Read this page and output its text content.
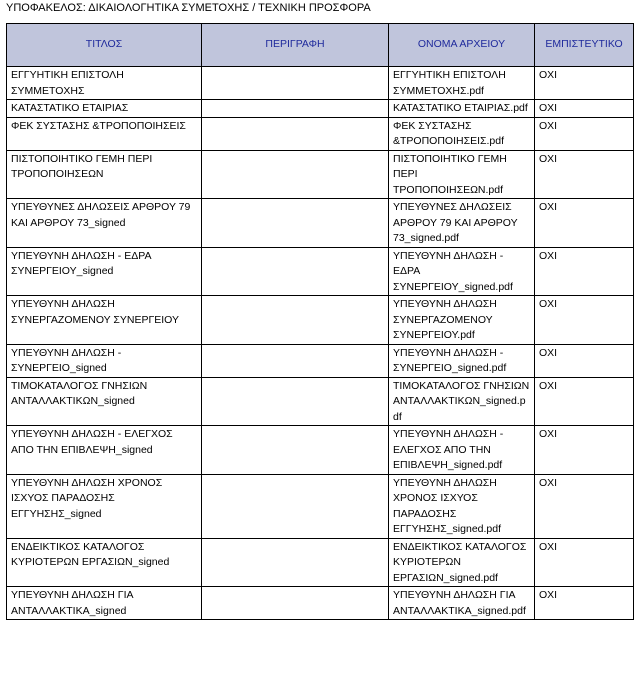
ΥΠΟΦΑΚΕΛΟΣ: ΔΙΚΑΙΟΛΟΓΗΤΙΚΑ ΣΥΜΕΤΟΧΗΣ / ΤΕΧΝΙΚΗ ΠΡΟΣΦΟΡΑ
ΤΙΤΛΟΣ	ΠΕΡΙΓΡΑΦΗ	ΟΝΟΜΑ ΑΡΧΕΙΟΥ	ΕΜΠΙΣΤΕΥΤΙΚΟ
ΕΓΓΥΗΤΙΚΗ ΕΠΙΣΤΟΛΗ ΣΥΜΜΕΤΟΧΗΣ		ΕΓΓΥΗΤΙΚΗ ΕΠΙΣΤΟΛΗ ΣΥΜΜΕΤΟΧΗΣ.pdf	ΟΧΙ
ΚΑΤΑΣΤΑΤΙΚΟ ΕΤΑΙΡΙΑΣ		ΚΑΤΑΣΤΑΤΙΚΟ ΕΤΑΙΡΙΑΣ.pdf	ΟΧΙ
ΦΕΚ ΣΥΣΤΑΣΗΣ &ΤΡΟΠΟΠΟΙΗΣΕΙΣ		ΦΕΚ ΣΥΣΤΑΣΗΣ &ΤΡΟΠΟΠΟΙΗΣΕΙΣ.pdf	ΟΧΙ
ΠΙΣΤΟΠΟΙΗΤΙΚΟ ΓΕΜΗ ΠΕΡΙ ΤΡΟΠΟΠΟΙΗΣΕΩΝ		ΠΙΣΤΟΠΟΙΗΤΙΚΟ ΓΕΜΗ ΠΕΡΙ ΤΡΟΠΟΠΟΙΗΣΕΩΝ.pdf	ΟΧΙ
ΥΠΕΥΘΥΝΕΣ ΔΗΛΩΣΕΙΣ ΑΡΘΡΟΥ 79 ΚΑΙ ΑΡΘΡΟΥ 73_signed		ΥΠΕΥΘΥΝΕΣ ΔΗΛΩΣΕΙΣ ΑΡΘΡΟΥ 79 ΚΑΙ ΑΡΘΡΟΥ 73_signed.pdf	ΟΧΙ
ΥΠΕΥΘΥΝΗ ΔΗΛΩΣΗ - ΕΔΡΑ ΣΥΝΕΡΓΕΙΟΥ_signed		ΥΠΕΥΘΥΝΗ ΔΗΛΩΣΗ - ΕΔΡΑ ΣΥΝΕΡΓΕΙΟΥ_signed.pdf	ΟΧΙ
ΥΠΕΥΘΥΝΗ ΔΗΛΩΣΗ ΣΥΝΕΡΓΑΖΟΜΕΝΟΥ ΣΥΝΕΡΓΕΙΟΥ		ΥΠΕΥΘΥΝΗ ΔΗΛΩΣΗ ΣΥΝΕΡΓΑΖΟΜΕΝΟΥ ΣΥΝΕΡΓΕΙΟΥ.pdf	ΟΧΙ
ΥΠΕΥΘΥΝΗ ΔΗΛΩΣΗ - ΣΥΝΕΡΓΕΙΟ_signed		ΥΠΕΥΘΥΝΗ ΔΗΛΩΣΗ - ΣΥΝΕΡΓΕΙΟ_signed.pdf	ΟΧΙ
ΤΙΜΟΚΑΤΑΛΟΓΟΣ ΓΝΗΣΙΩΝ ΑΝΤΑΛΛΑΚΤΙΚΩΝ_signed		ΤΙΜΟΚΑΤΑΛΟΓΟΣ ΓΝΗΣΙΩΝ ΑΝΤΑΛΛΑΚΤΙΚΩΝ_signed.pdf	ΟΧΙ
ΥΠΕΥΘΥΝΗ ΔΗΛΩΣΗ - ΕΛΕΓΧΟΣ ΑΠΟ ΤΗΝ ΕΠΙΒΛΕΨΗ_signed		ΥΠΕΥΘΥΝΗ ΔΗΛΩΣΗ - ΕΛΕΓΧΟΣ ΑΠΟ ΤΗΝ ΕΠΙΒΛΕΨΗ_signed.pdf	ΟΧΙ
ΥΠΕΥΘΥΝΗ ΔΗΛΩΣΗ ΧΡΟΝΟΣ ΙΣΧΥΟΣ ΠΑΡΑΔΟΣΗΣ ΕΓΓΥΗΣΗΣ_signed		ΥΠΕΥΘΥΝΗ ΔΗΛΩΣΗ ΧΡΟΝΟΣ ΙΣΧΥΟΣ ΠΑΡΑΔΟΣΗΣ ΕΓΓΥΗΣΗΣ_signed.pdf	ΟΧΙ
ΕΝΔΕΙΚΤΙΚΟΣ ΚΑΤΑΛΟΓΟΣ ΚΥΡΙΟΤΕΡΩΝ ΕΡΓΑΣΙΩΝ_signed		ΕΝΔΕΙΚΤΙΚΟΣ ΚΑΤΑΛΟΓΟΣ ΚΥΡΙΟΤΕΡΩΝ ΕΡΓΑΣΙΩΝ_signed.pdf	ΟΧΙ
ΥΠΕΥΘΥΝΗ ΔΗΛΩΣΗ ΓΙΑ ΑΝΤΑΛΛΑΚΤΙΚΑ_signed		ΥΠΕΥΘΥΝΗ ΔΗΛΩΣΗ ΓΙΑ ΑΝΤΑΛΛΑΚΤΙΚΑ_signed.pdf	ΟΧΙ
